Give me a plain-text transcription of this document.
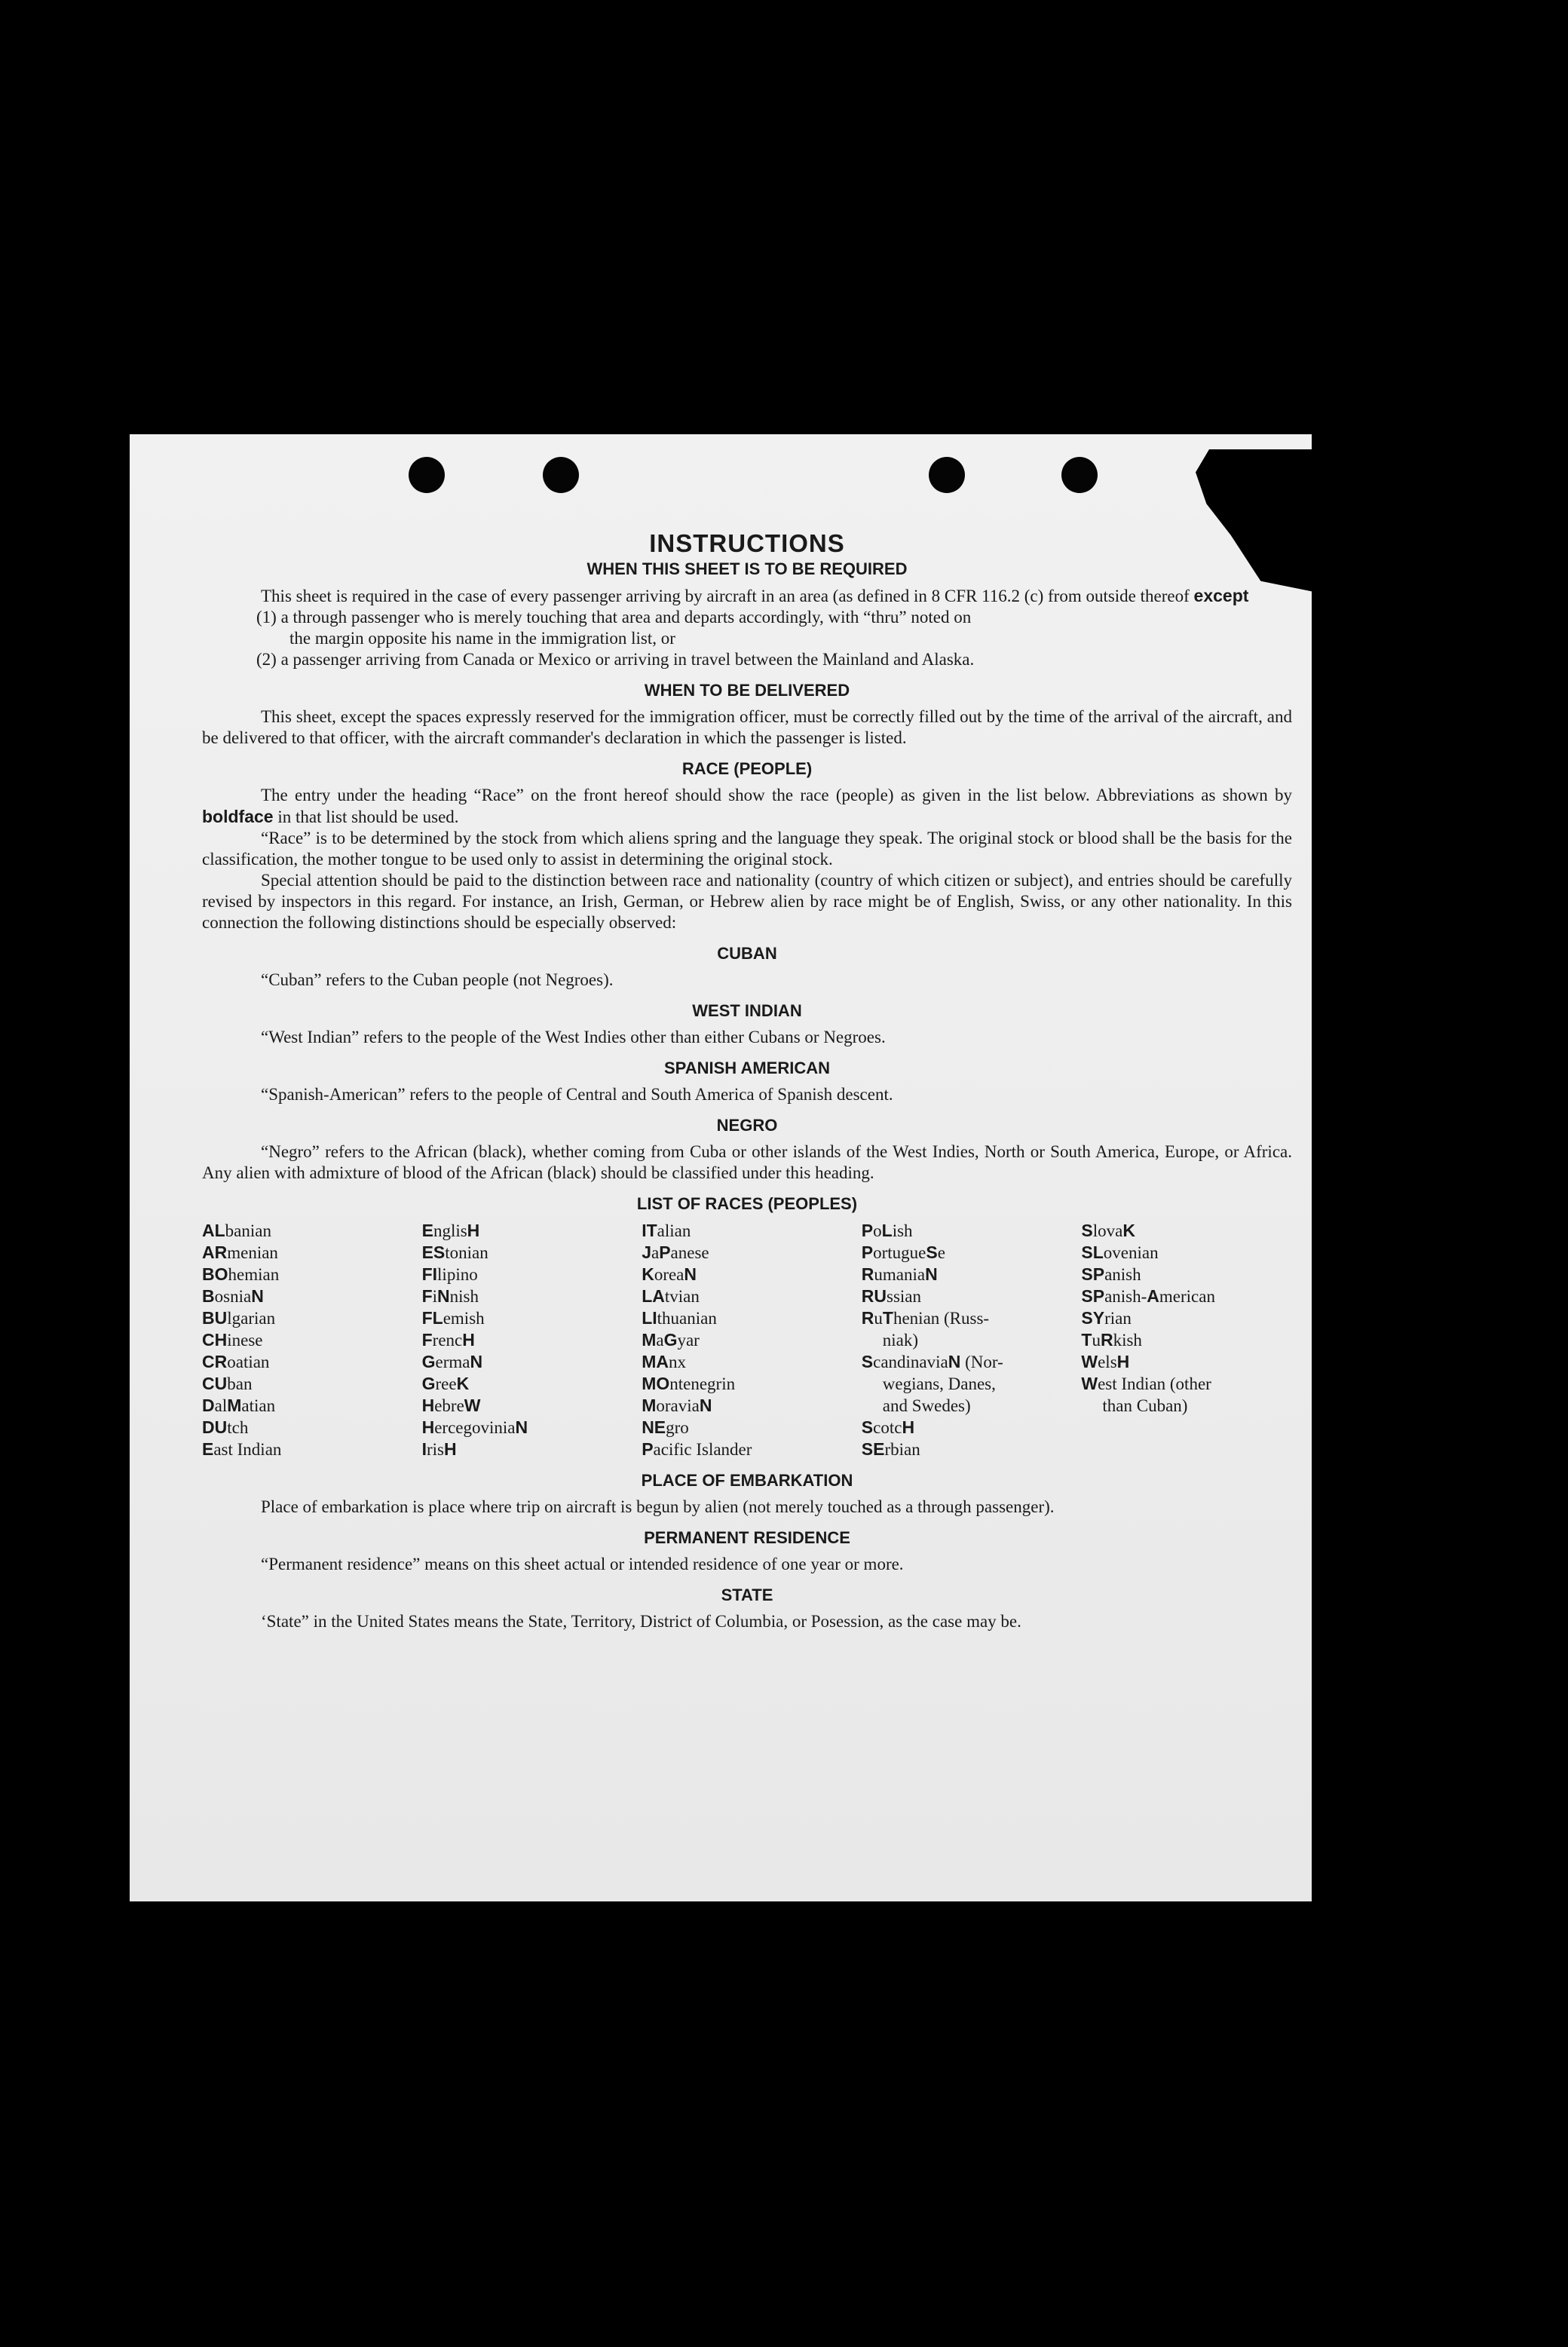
INSTRUCTIONS
WHEN THIS SHEET IS TO BE REQUIRED

This sheet is required in the case of every passenger arriving by aircraft in an area (as defined in 8 CFR 116.2 (c) from outside thereof except

(1) a through passenger who is merely touching that area and departs accordingly, with “thru” noted on
the margin opposite his name in the immigration list, or
(2) a passenger arriving from Canada or Mexico or arriving in travel between the Mainland and Alaska.
WHEN TO BE DELIVERED

This sheet, except the spaces expressly reserved for the immigration officer, must be correctly filled out by the time of the arrival of the aircraft, and be delivered to that officer, with the aircraft commander's declaration in which the passenger is listed.

RACE (PEOPLE)

The entry under the heading “Race” on the front hereof should show the race (people) as given in the list below. Abbreviations as shown by boldface in that list should be used.

“Race” is to be determined by the stock from which aliens spring and the language they speak. The original stock or blood shall be the basis for the classification, the mother tongue to be used only to assist in determining the original stock.

Special attention should be paid to the distinction between race and nationality (country of which citizen or subject), and entries should be carefully revised by inspectors in this regard. For instance, an Irish, German, or Hebrew alien by race might be of English, Swiss, or any other nationality. In this connection the following distinctions should be especially observed:

CUBAN

“Cuban” refers to the Cuban people (not Negroes).

WEST INDIAN

“West Indian” refers to the people of the West Indies other than either Cubans or Negroes.

SPANISH AMERICAN

“Spanish-American” refers to the people of Central and South America of Spanish descent.

NEGRO

“Negro” refers to the African (black), whether coming from Cuba or other islands of the West Indies, North or South America, Europe, or Africa. Any alien with admixture of blood of the African (black) should be classified under this heading.

LIST OF RACES (PEOPLES)
ALbanian
ARmenian
BOhemian
BosniaN
BUlgarian
CHinese
CRoatian
CUban
DalMatian
DUtch
East Indian
EnglisH
EStonian
FIlipino
FiNnish
FLemish
FrencH
GermaN
GreeK
HebreW
HercegoviniaN
IrisH
ITalian
JaPanese
KoreaN
LAtvian
LIthuanian
MaGyar
MAnx
MOntenegrin
MoraviaN
NEgro
Pacific Islander
PoLish
PortugueSe
RumaniaN
RUssian
RuThenian (Russ-
niak)
ScandinaviaN (Nor-
wegians, Danes,
and Swedes)
ScotcH
SErbian
SlovaK
SLovenian
SPanish
SPanish-American
SYrian
TuRkish
WelsH
West Indian (other
than Cuban)
PLACE OF EMBARKATION

Place of embarkation is place where trip on aircraft is begun by alien (not merely touched as a through passenger).

PERMANENT RESIDENCE

“Permanent residence” means on this sheet actual or intended residence of one year or more.

STATE

‘State” in the United States means the State, Territory, District of Columbia, or Posession, as the case may be.
